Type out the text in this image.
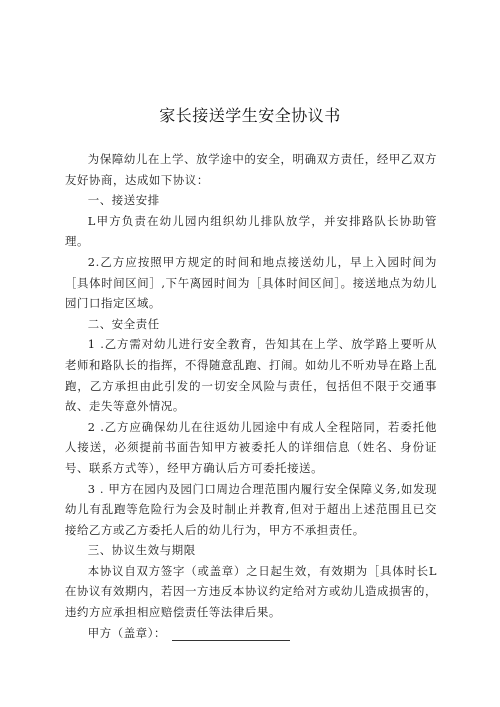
家长接送学生安全协议书

为保障幼儿在上学、放学途中的安全，明确双方责任，经甲乙双方友好协商，达成如下协议：

一、接送安排

L甲方负责在幼儿园内组织幼儿排队放学，并安排路队长协助管理。

2.乙方应按照甲方规定的时间和地点接送幼儿，早上入园时间为［具体时间区间］,下午离园时间为［具体时间区间］。接送地点为幼儿园门口指定区域。

二、安全责任

1 .乙方需对幼儿进行安全教育，告知其在上学、放学路上要听从老师和路队长的指挥，不得随意乱跑、打闹。如幼儿不听劝导在路上乱跑，乙方承担由此引发的一切安全风险与责任，包括但不限于交通事故、走失等意外情况。

2 .乙方应确保幼儿在往返幼儿园途中有成人全程陪同，若委托他人接送，必须提前书面告知甲方被委托人的详细信息（姓名、身份证号、联系方式等），经甲方确认后方可委托接送。

3 . 甲方在园内及园门口周边合理范围内履行安全保障义务,如发现幼儿有乱跑等危险行为会及时制止并教育,但对于超出上述范围且已交接给乙方或乙方委托人后的幼儿行为，甲方不承担责任。

三、协议生效与期限

本协议自双方签字（或盖章）之日起生效，有效期为［具体时长L在协议有效期内，若因一方违反本协议约定给对方或幼儿造成损害的，违约方应承担相应赔偿责任等法律后果。

甲方（盖章）：
